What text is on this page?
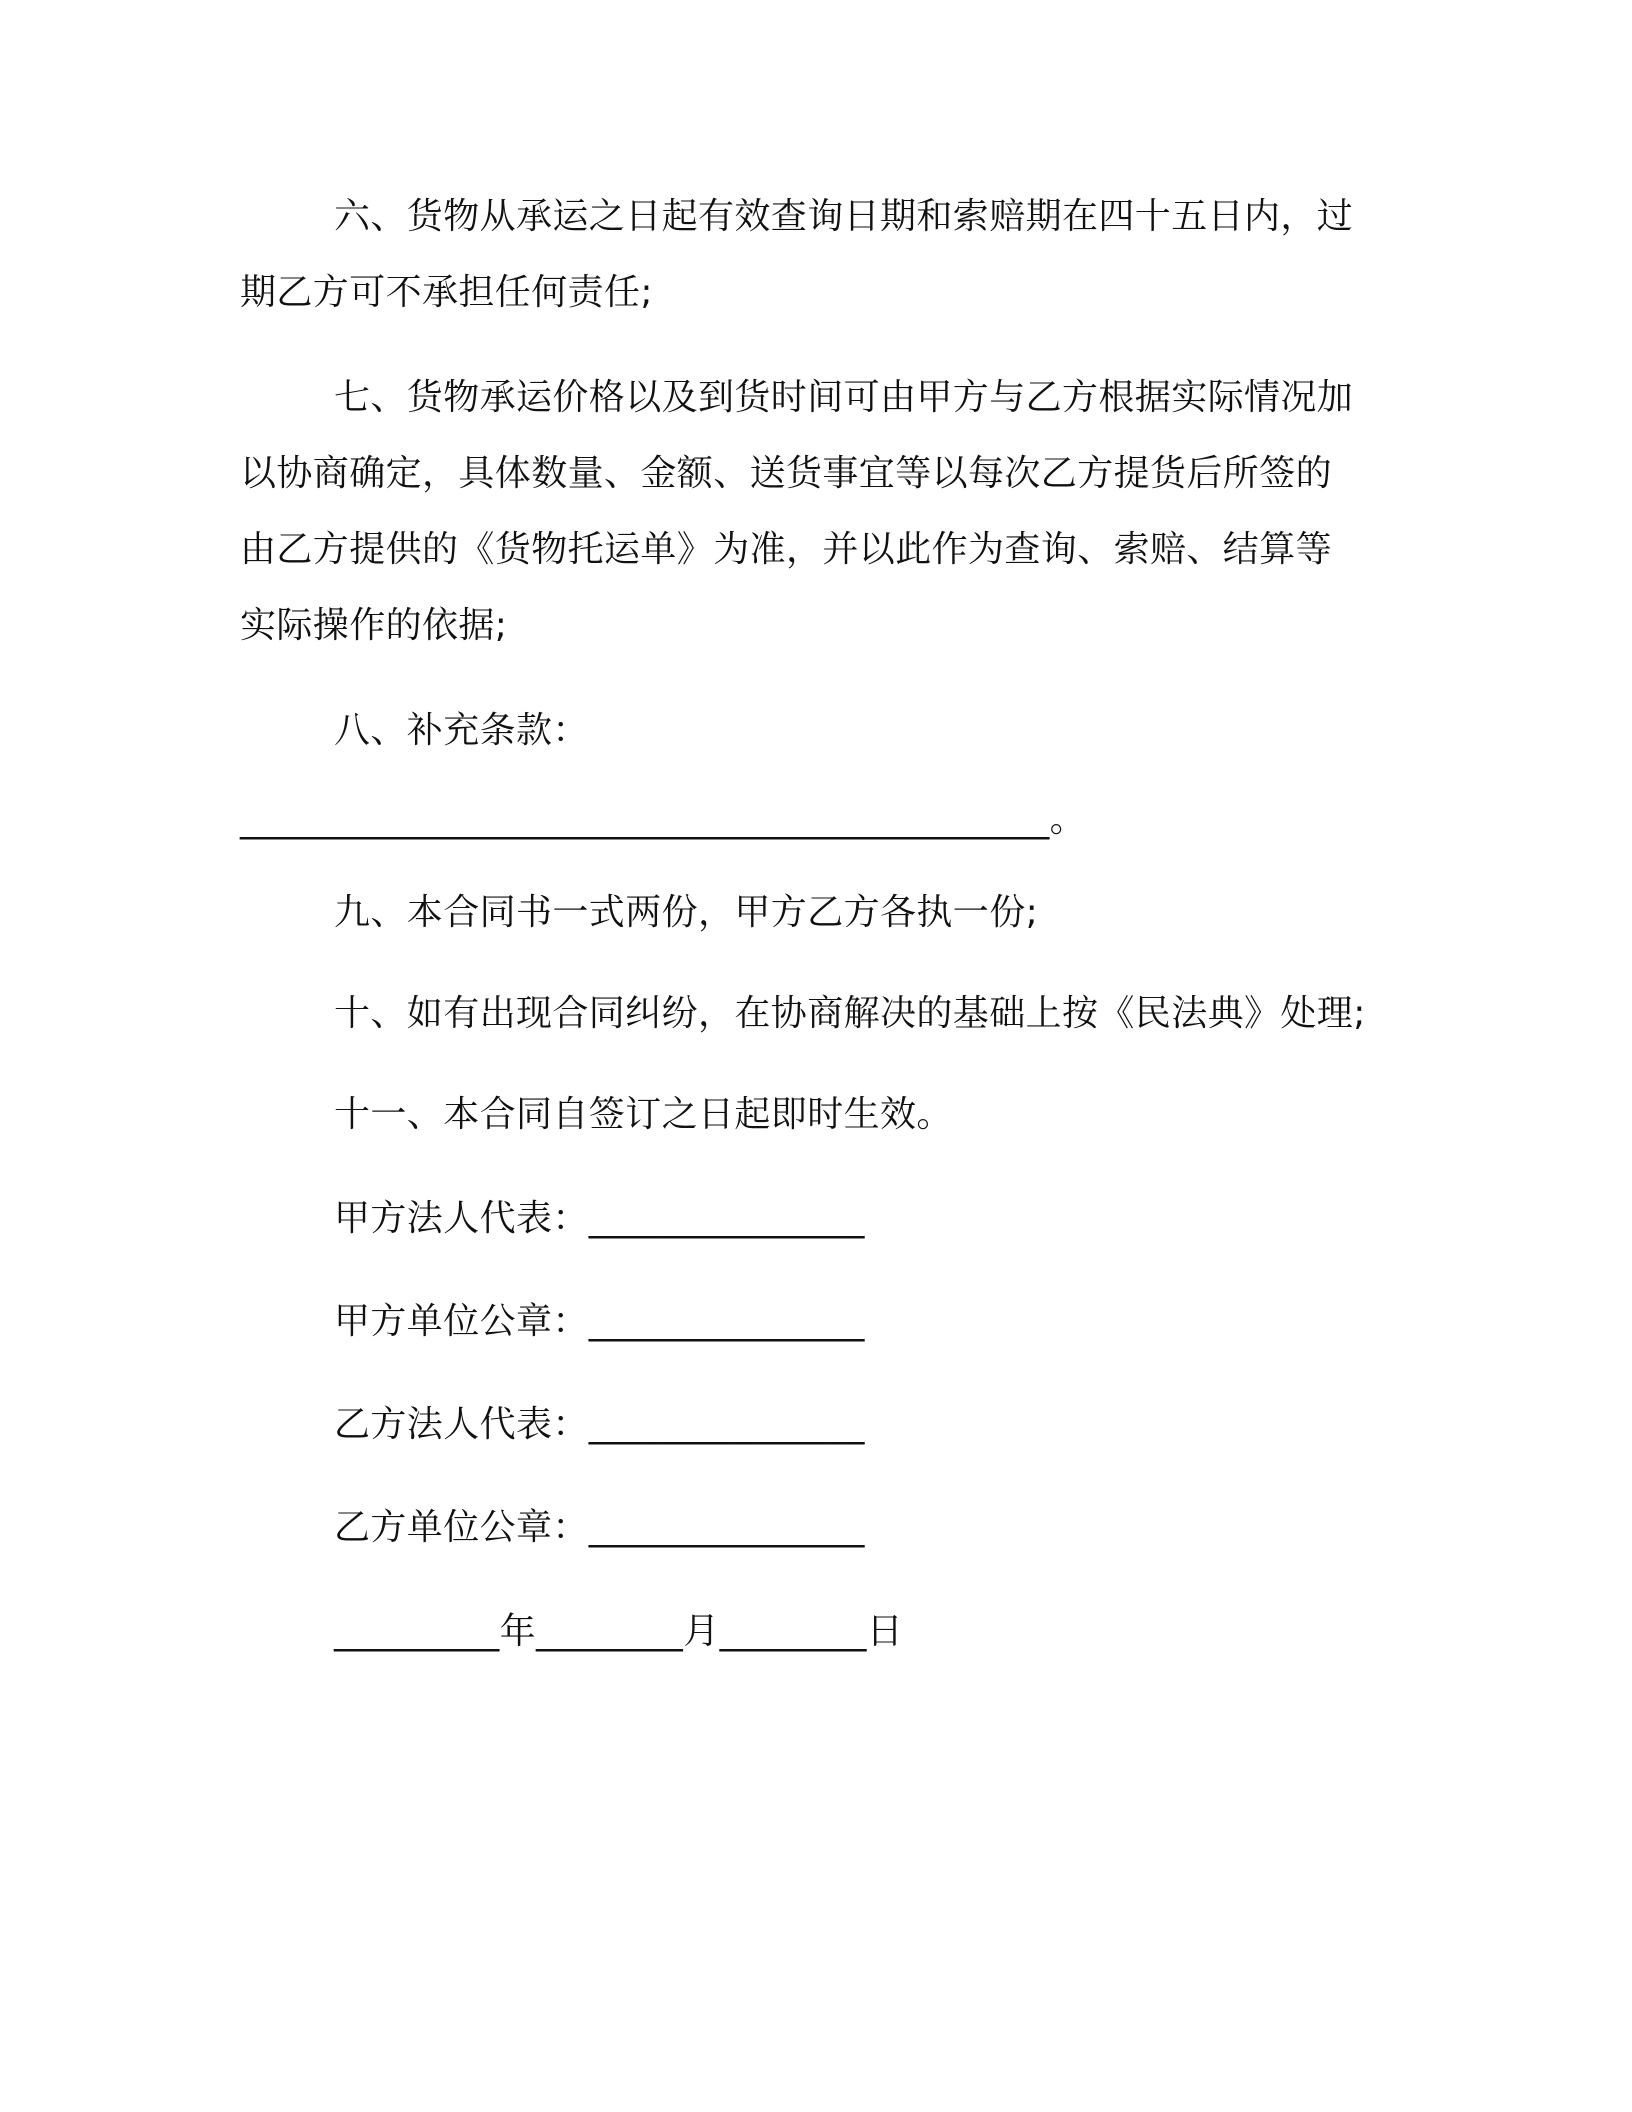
六、货物从承运之日起有效查询日期和索赔期在四十五日内，过
期乙方可不承担任何责任;
七、货物承运价格以及到货时间可由甲方与乙方根据实际情况加
以协商确定，具体数量、金额、送货事宜等以每次乙方提货后所签的
由乙方提供的《货物托运单》为准，并以此作为查询、索赔、结算等
实际操作的依据;
八、补充条款：
____________________________________________。
九、本合同书一式两份，甲方乙方各执一份;
十、如有出现合同纠纷，在协商解决的基础上按《民法典》处理;
十一、本合同自签订之日起即时生效。
甲方法人代表：_______________
甲方单位公章：_______________
乙方法人代表：_______________
乙方单位公章：_______________
_________年________月________日
